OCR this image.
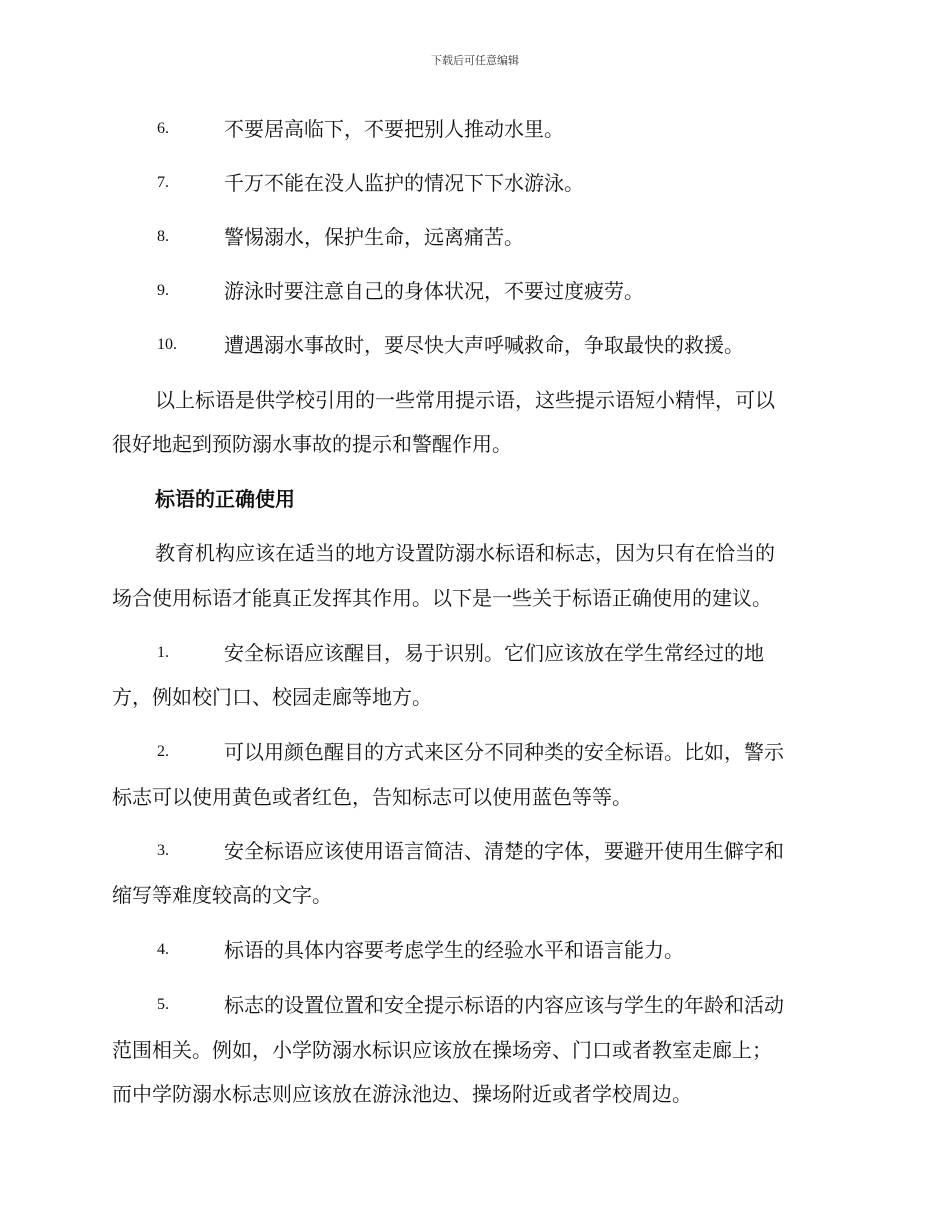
下载后可任意编辑
6.	不要居高临下，不要把别人推动水里。
7.	千万不能在没人监护的情况下下水游泳。
8.	警惕溺水，保护生命，远离痛苦。
9.	游泳时要注意自己的身体状况，不要过度疲劳。
10. 遭遇溺水事故时，要尽快大声呼喊救命，争取最快的救援。
以上标语是供学校引用的一些常用提示语，这些提示语短小精悍，可以
很好地起到预防溺水事故的提示和警醒作用。
标语的正确使用
教育机构应该在适当的地方设置防溺水标语和标志，因为只有在恰当的
场合使用标语才能真正发挥其作用。以下是一些关于标语正确使用的建议。
1.	安全标语应该醒目，易于识别。它们应该放在学生常经过的地
方，例如校门口、校园走廊等地方。
2.	可以用颜色醒目的方式来区分不同种类的安全标语。比如，警示
标志可以使用黄色或者红色，告知标志可以使用蓝色等等。
3.	安全标语应该使用语言简洁、清楚的字体，要避开使用生僻字和
缩写等难度较高的文字。
4.	标语的具体内容要考虑学生的经验水平和语言能力。
5.	标志的设置位置和安全提示标语的内容应该与学生的年龄和活动
范围相关。例如，小学防溺水标识应该放在操场旁、门口或者教室走廊上；
而中学防溺水标志则应该放在游泳池边、操场附近或者学校周边。
